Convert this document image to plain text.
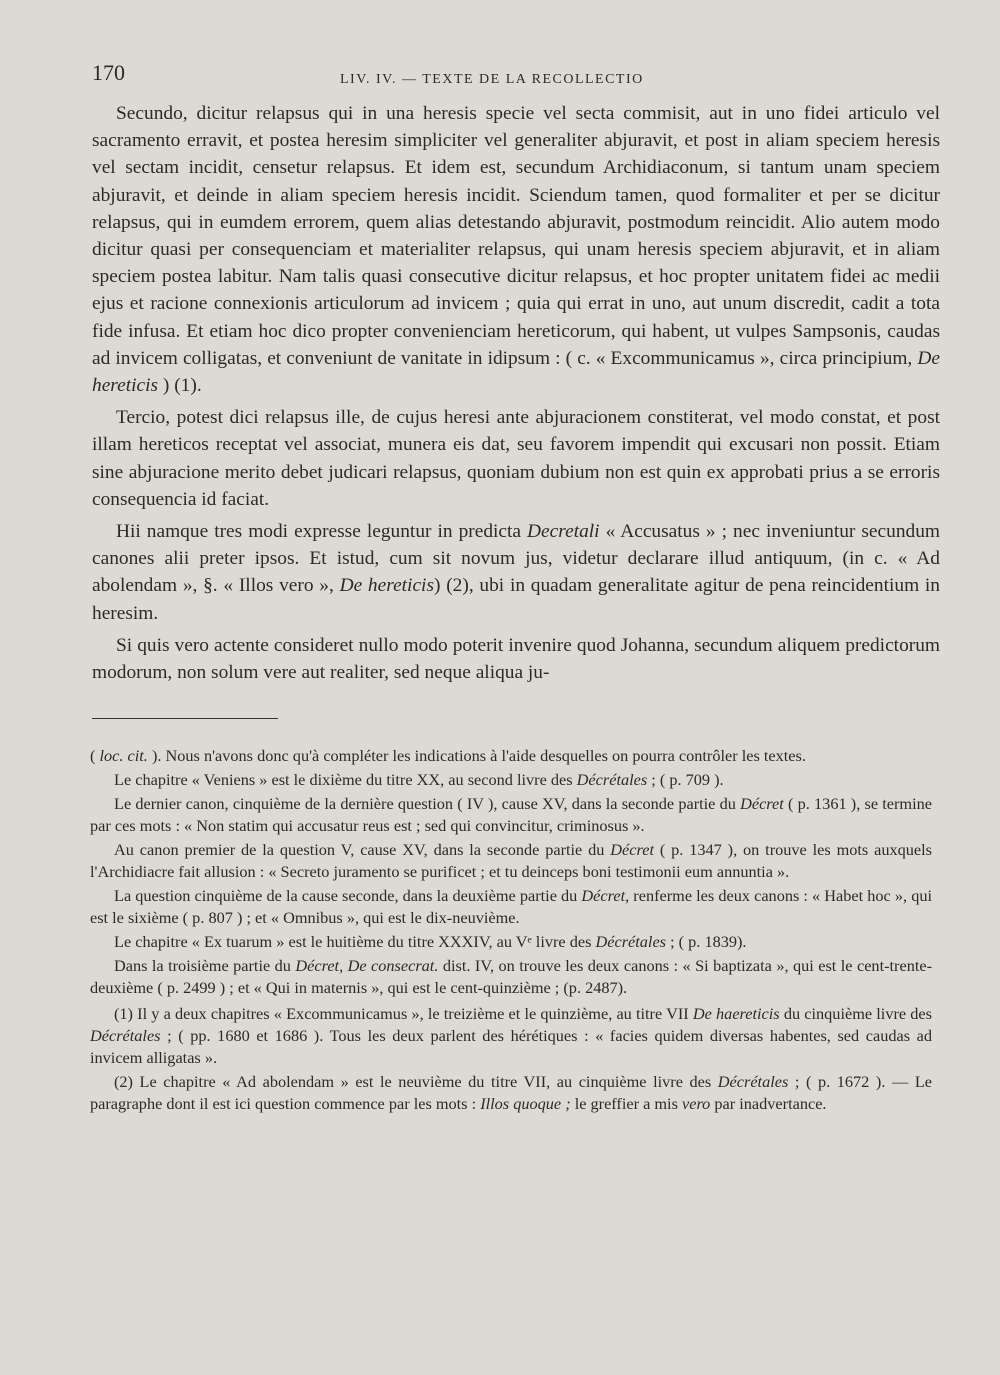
170	LIV. IV. — TEXTE DE LA RECOLLECTIO

Secundo, dicitur relapsus qui in una heresis specie vel secta commisit, aut in uno fidei articulo vel sacramento erravit, et postea heresim simpliciter vel generaliter abjuravit, et post in aliam speciem heresis vel sectam incidit, censetur relapsus. Et idem est, secundum Archidiaconum, si tantum unam speciem abjuravit, et deinde in aliam speciem heresis incidit. Sciendum tamen, quod formaliter et per se dicitur relapsus, qui in eumdem errorem, quem alias detestando abjuravit, postmodum reincidit. Alio autem modo dicitur quasi per consequenciam et materialiter relapsus, qui unam heresis speciem abjuravit, et in aliam speciem postea labitur. Nam talis quasi consecutive dicitur relapsus, et hoc propter unitatem fidei ac medii ejus et racione connexionis articulorum ad invicem ; quia qui errat in uno, aut unum discredit, cadit a tota fide infusa. Et etiam hoc dico propter convenienciam hereticorum, qui habent, ut vulpes Sampsonis, caudas ad invicem colligatas, et conveniunt de vanitate in idipsum : ( c. « Excommunicamus », circa principium, De hereticis ) (1).

Tercio, potest dici relapsus ille, de cujus heresi ante abjuracionem constiterat, vel modo constat, et post illam hereticos receptat vel associat, munera eis dat, seu favorem impendit qui excusari non possit. Etiam sine abjuracione merito debet judicari relapsus, quoniam dubium non est quin ex approbati prius a se erroris consequencia id faciat.

Hii namque tres modi expresse leguntur in predicta Decretali « Accusatus » ; nec inveniuntur secundum canones alii preter ipsos. Et istud, cum sit novum jus, videtur declarare illud antiquum, (in c. « Ad abolendam », §. « Illos vero », De hereticis) (2), ubi in quadam generalitate agitur de pena reincidentium in heresim.

Si quis vero actente consideret nullo modo poterit invenire quod Johanna, secundum aliquem predictorum modorum, non solum vere aut realiter, sed neque aliqua ju-

( loc. cit. ). Nous n'avons donc qu'à compléter les indications à l'aide desquelles on pourra contrôler les textes.

Le chapitre « Veniens » est le dixième du titre XX, au second livre des Décrétales ; ( p. 709 ).

Le dernier canon, cinquième de la dernière question ( IV ), cause XV, dans la seconde partie du Décret ( p. 1361 ), se termine par ces mots : « Non statim qui accusatur reus est ; sed qui convincitur, criminosus ».

Au canon premier de la question V, cause XV, dans la seconde partie du Décret ( p. 1347 ), on trouve les mots auxquels l'Archidiacre fait allusion : « Secreto juramento se purificet ; et tu deinceps boni testimonii eum annuntia ».

La question cinquième de la cause seconde, dans la deuxième partie du Décret, renferme les deux canons : « Habet hoc », qui est le sixième ( p. 807 ) ; et « Omnibus », qui est le dix-neuvième.

Le chapitre « Ex tuarum » est le huitième du titre XXXIV, au Vᵉ livre des Décrétales ; ( p. 1839).

Dans la troisième partie du Décret, De consecrat. dist. IV, on trouve les deux canons : « Si baptizata », qui est le cent-trente-deuxième ( p. 2499 ) ; et « Qui in maternis », qui est le cent-quinzième ; (p. 2487).

(1) Il y a deux chapitres « Excommunicamus », le treizième et le quinzième, au titre VII De haereticis du cinquième livre des Décrétales ; ( pp. 1680 et 1686 ). Tous les deux parlent des hérétiques : « facies quidem diversas habentes, sed caudas ad invicem alligatas ».

(2) Le chapitre « Ad abolendam » est le neuvième du titre VII, au cinquième livre des Décrétales ; ( p. 1672 ). — Le paragraphe dont il est ici question commence par les mots : Illos quoque ; le greffier a mis vero par inadvertance.
